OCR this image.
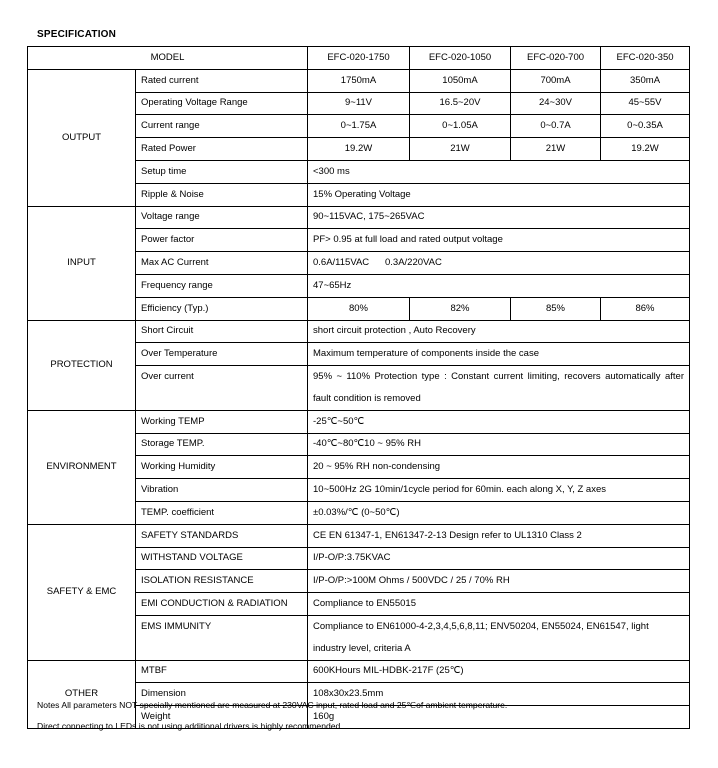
SPECIFICATION
MODEL		EFC-020-1750	EFC-020-1050	EFC-020-700	EFC-020-350
OUTPUT	Rated current	1750mA	1050mA	700mA	350mA
	Operating Voltage Range	9~11V	16.5~20V	24~30V	45~55V
	Current range	0~1.75A	0~1.05A	0~0.7A	0~0.35A
	Rated Power	19.2W	21W	21W	19.2W
	Setup time	<300 ms			
	Ripple & Noise	15% Operating Voltage			
INPUT	Voltage range	90~115VAC, 175~265VAC			
	Power factor	PF> 0.95 at full load and rated output voltage			
	Max AC Current	0.6A/115VAC      0.3A/220VAC			
	Frequency range	47~65Hz			
	Efficiency (Typ.)	80%	82%	85%	86%
PROTECTION	Short Circuit	short circuit protection , Auto Recovery			
	Over Temperature	Maximum temperature of components inside the case			
	Over current	95% ~ 110% Protection type : Constant current limiting, recovers automatically after fault condition is removed			
ENVIRONMENT	Working TEMP	-25℃~50℃			
	Storage TEMP.	-40℃~80℃10 ~ 95% RH			
	Working Humidity	20 ~ 95% RH non-condensing			
	Vibration	10~500Hz 2G 10min/1cycle period for 60min. each along X, Y, Z axes			
	TEMP. coefficient	±0.03%/℃ (0~50℃)			
SAFETY & EMC	SAFETY STANDARDS	CE EN 61347-1, EN61347-2-13 Design refer to UL1310 Class 2			
	WITHSTAND VOLTAGE	I/P-O/P:3.75KVAC			
	ISOLATION RESISTANCE	I/P-O/P:>100M Ohms / 500VDC / 25 / 70% RH			
	EMI CONDUCTION & RADIATION	Compliance to EN55015			
	EMS IMMUNITY	Compliance to EN61000-4-2,3,4,5,6,8,11; ENV50204, EN55024, EN61547, light industry level, criteria A			
OTHER	MTBF	600KHours MIL-HDBK-217F (25℃)			
	Dimension	108x30x23.5mm			
	Weight	160g			
Notes All parameters NOT specially mentioned are measured at 230VAC input, rated load and 25℃of ambient temperature.
Direct connecting to LEDs is not using additional drivers is highly recommended
